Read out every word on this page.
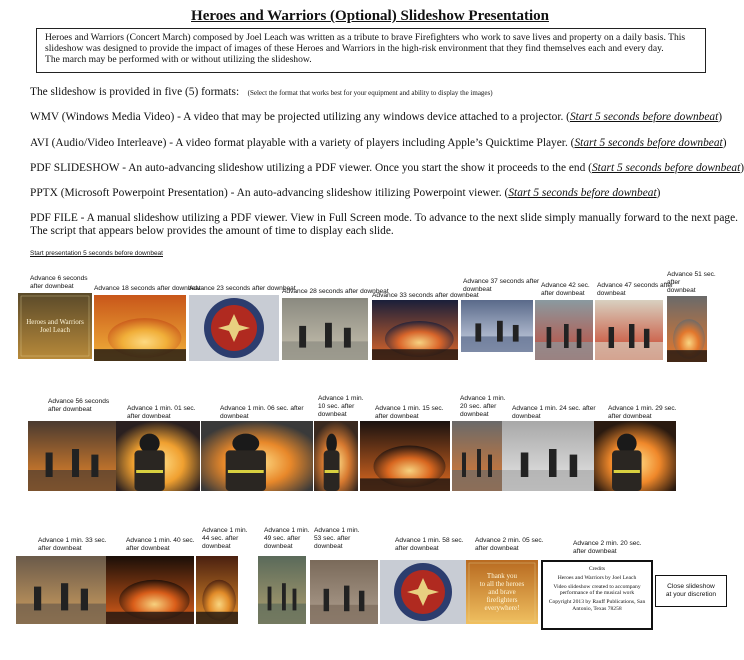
Heroes and Warriors (Optional) Slideshow Presentation
Heroes and Warriors (Concert March) composed by Joel Leach was written as a tribute to brave Firefighters who work to save lives and property on a daily basis. This
slideshow was designed to provide the impact of images of these Heroes and Warriors in the high-risk environment that they find themselves each and every day.
The march may be performed with or without utilizing the slideshow.
The slideshow is provided in five (5) formats: (Select the format that works best for your equipment and ability to display the images)
WMV (Windows Media Video) - A video that may be projected utilizing any windows device attached to a projector. (Start 5 seconds before downbeat)
AVI (Audio/Video Interleave) - A video format playable with a variety of players including Apple’s Quicktime Player. (Start 5 seconds before downbeat)
PDF SLIDESHOW - An auto-advancing slideshow utilizing a PDF viewer. Once you start the show it proceeds to the end (Start 5 seconds before downbeat)
PPTX (Microsoft Powerpoint Presentation) - An auto-advancing slideshow itilizing Powerpoint viewer. (Start 5 seconds before downbeat)
PDF FILE - A manual slideshow utilizing a PDF viewer. View in Full Screen mode. To advance to the next slide simply manually forward to the next page.
The script that appears below provides the amount of time to display each slide.
Start presentation 5 seconds before downbeat
Advance 6 seconds
after downbeat
Heroes and Warriors
Joel Leach
Advance 18 seconds after downbeat
Advance 23 seconds after downbeat
Advance 28 seconds after downbeat
Advance 33 seconds after downbeat
Advance 37 seconds after
downbeat
Advance 42 sec.
after downbeat
Advance 47 seconds after
downbeat
Advance 51 sec.
after
downbeat
Advance 56 seconds
after downbeat	Advance 1 min. 01 sec.
after downbeat
Advance 1 min. 06 sec. after
downbeat
Advance 1 min.
10 sec. after
downbeat
Advance 1 min. 15 sec.
after downbeat
Advance 1 min.
20 sec. after
downbeat
Advance 1 min. 24 sec. after
downbeat
Advance 1 min. 29 sec.
after downbeat
Advance 1 min. 33 sec.
after downbeat
Advance 1 min. 40 sec.
after downbeat
Advance 1 min.
44 sec. after
downbeat
Advance 1 min.
49 sec. after
downbeat
Advance 1 min.
53 sec. after
downbeat
Advance 1 min. 58 sec.
after downbeat
Advance 2 min. 05 sec.
after downbeat
Thank you
to all the heroes
and brave
firefighters
everywhere!
Advance 2 min. 20 sec.
after downbeat
Credits
Heroes and Warriors by Joel Leach
Video slideshow created to accompany performance of the musical work
Copyright 2013 by Rauff Publications, San Antonio, Texas 78258
Close slideshow
at your discretion
